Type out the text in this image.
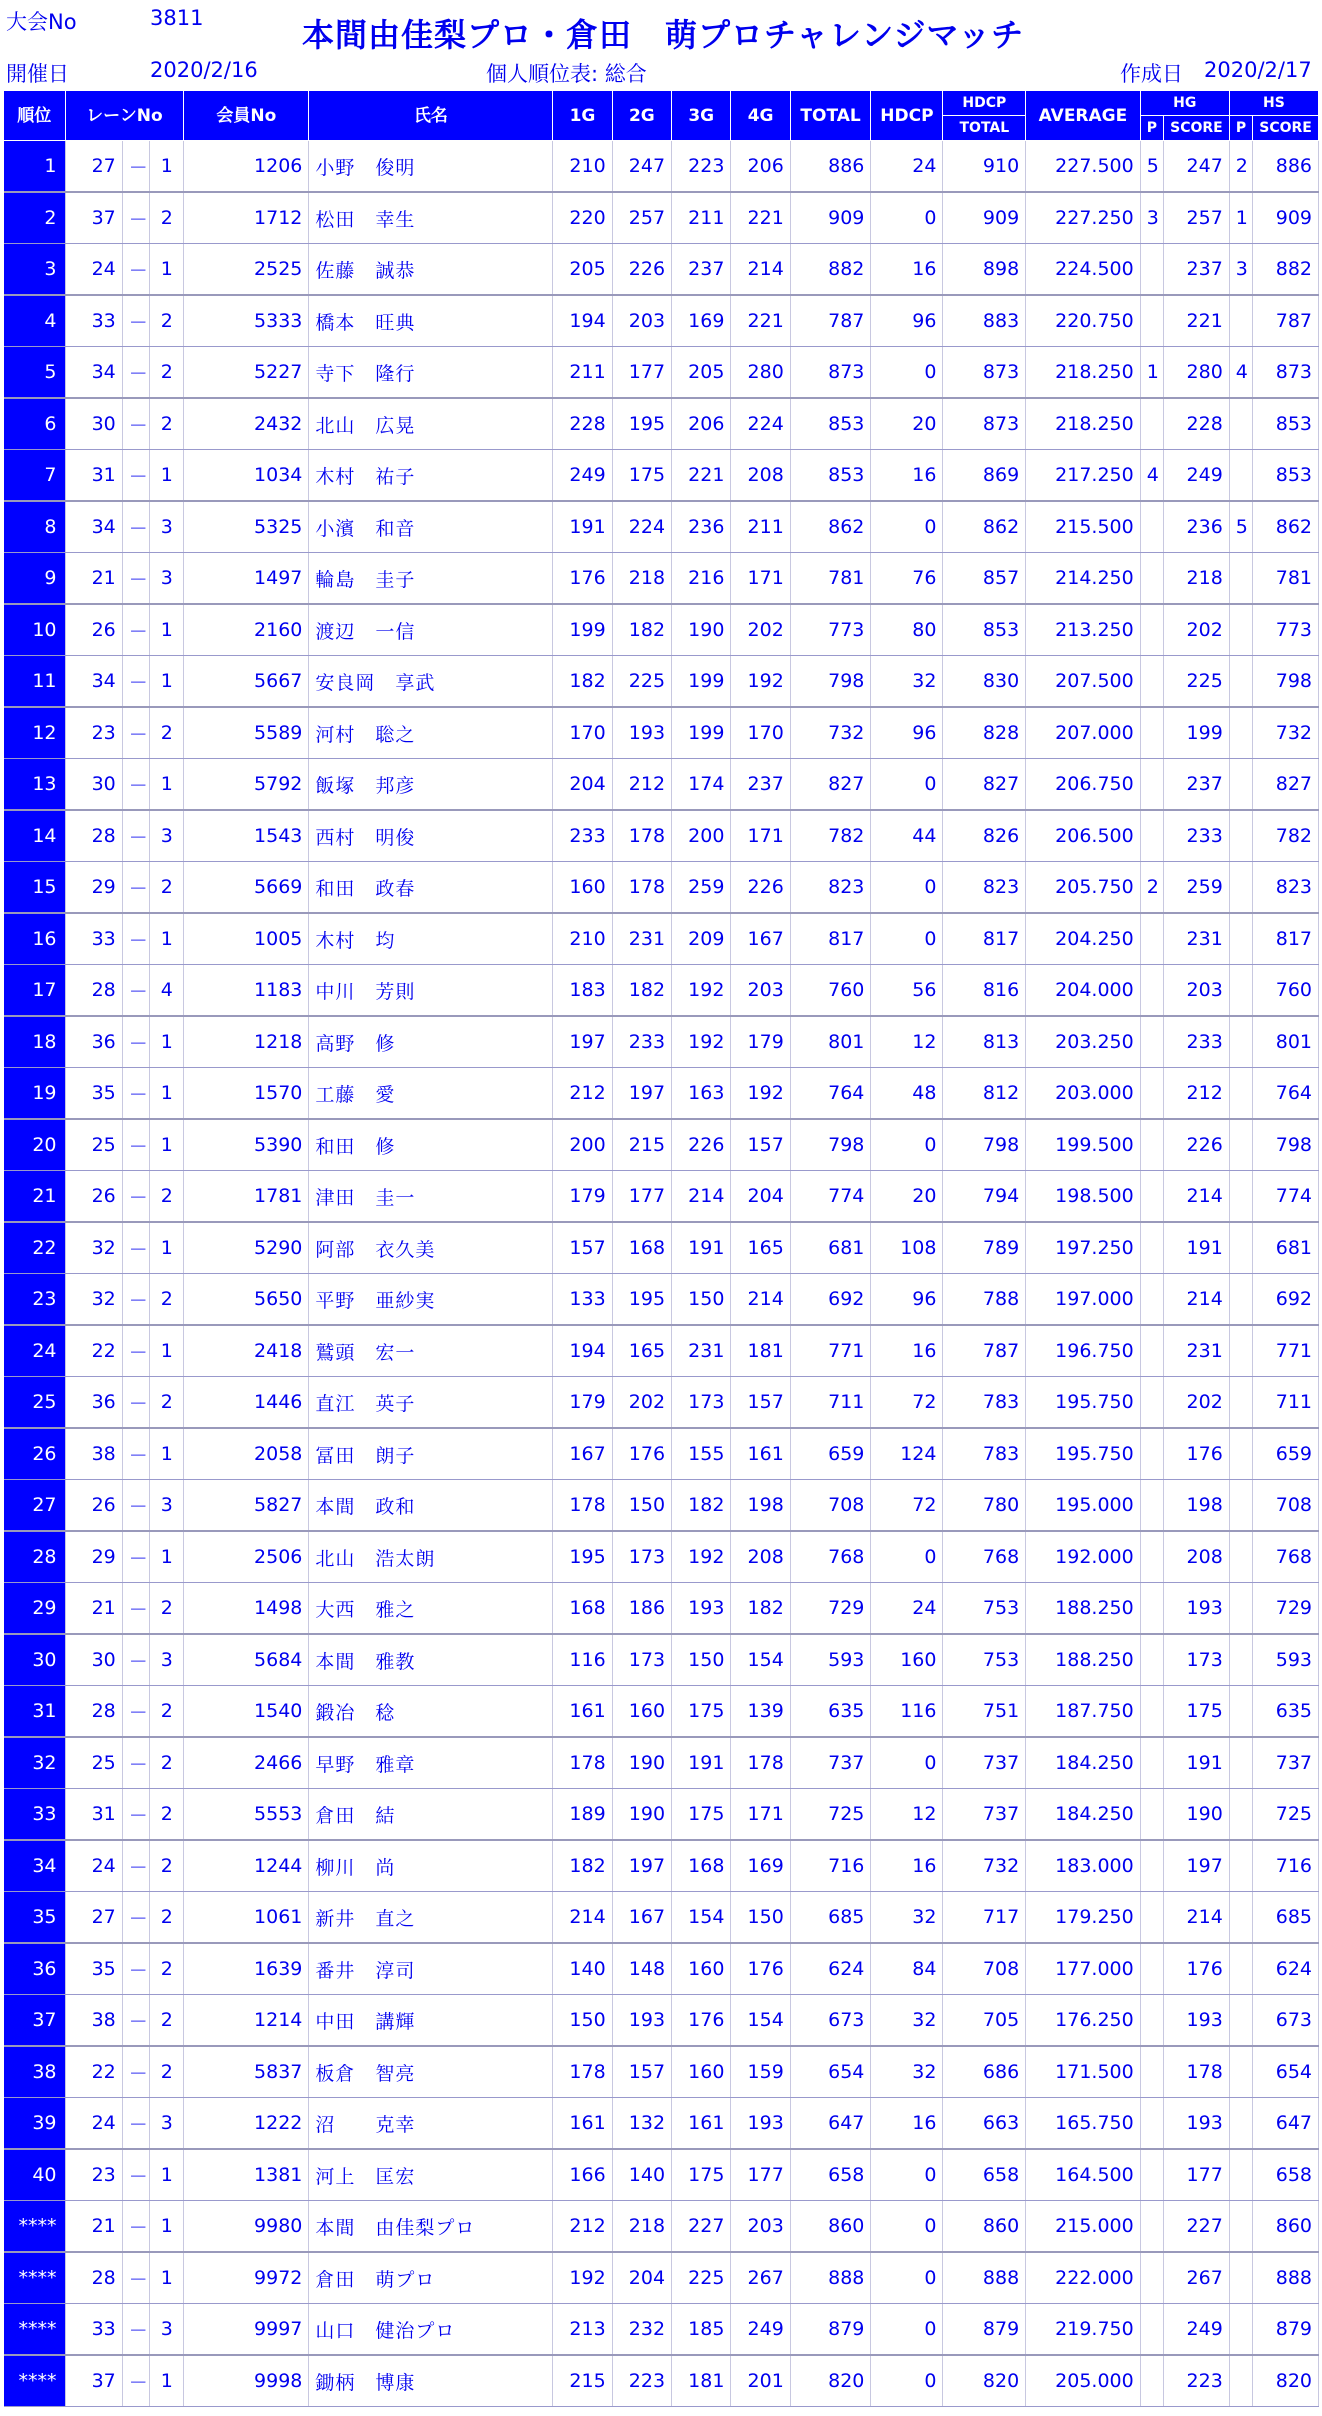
大会No	3811
開催日	2020/2/16
本間由佳梨プロ・倉田　萌プロチャレンジマッチ
個人順位表: 総合	作成日 2020/2/17
順位	レーンNo			会員No	氏名	1G	2G	3G	4G	TOTAL	HDCP	HDCP	AVERAGE	HG		HS	
												TOTAL		P	SCORE	P	SCORE
1	27	－	1	1206	小野　俊明	210	247	223	206	886	24	910	227.500	5	247	2	886
2	37	－	2	1712	松田　幸生	220	257	211	221	909	0	909	227.250	3	257	1	909
3	24	－	1	2525	佐藤　誠恭	205	226	237	214	882	16	898	224.500		237	3	882
4	33	－	2	5333	橋本　旺典	194	203	169	221	787	96	883	220.750		221		787
5	34	－	2	5227	寺下　隆行	211	177	205	280	873	0	873	218.250	1	280	4	873
6	30	－	2	2432	北山　広晃	228	195	206	224	853	20	873	218.250		228		853
7	31	－	1	1034	木村　祐子	249	175	221	208	853	16	869	217.250	4	249		853
8	34	－	3	5325	小濱　和音	191	224	236	211	862	0	862	215.500		236	5	862
9	21	－	3	1497	輪島　圭子	176	218	216	171	781	76	857	214.250		218		781
10	26	－	1	2160	渡辺　一信	199	182	190	202	773	80	853	213.250		202		773
11	34	－	1	5667	安良岡　享武	182	225	199	192	798	32	830	207.500		225		798
12	23	－	2	5589	河村　聡之	170	193	199	170	732	96	828	207.000		199		732
13	30	－	1	5792	飯塚　邦彦	204	212	174	237	827	0	827	206.750		237		827
14	28	－	3	1543	西村　明俊	233	178	200	171	782	44	826	206.500		233		782
15	29	－	2	5669	和田　政春	160	178	259	226	823	0	823	205.750	2	259		823
16	33	－	1	1005	木村　均	210	231	209	167	817	0	817	204.250		231		817
17	28	－	4	1183	中川　芳則	183	182	192	203	760	56	816	204.000		203		760
18	36	－	1	1218	高野　修	197	233	192	179	801	12	813	203.250		233		801
19	35	－	1	1570	工藤　愛	212	197	163	192	764	48	812	203.000		212		764
20	25	－	1	5390	和田　修	200	215	226	157	798	0	798	199.500		226		798
21	26	－	2	1781	津田　圭一	179	177	214	204	774	20	794	198.500		214		774
22	32	－	1	5290	阿部　衣久美	157	168	191	165	681	108	789	197.250		191		681
23	32	－	2	5650	平野　亜紗実	133	195	150	214	692	96	788	197.000		214		692
24	22	－	1	2418	鷲頭　宏一	194	165	231	181	771	16	787	196.750		231		771
25	36	－	2	1446	直江　英子	179	202	173	157	711	72	783	195.750		202		711
26	38	－	1	2058	冨田　朗子	167	176	155	161	659	124	783	195.750		176		659
27	26	－	3	5827	本間　政和	178	150	182	198	708	72	780	195.000		198		708
28	29	－	1	2506	北山　浩太朗	195	173	192	208	768	0	768	192.000		208		768
29	21	－	2	1498	大西　雅之	168	186	193	182	729	24	753	188.250		193		729
30	30	－	3	5684	本間　雅教	116	173	150	154	593	160	753	188.250		173		593
31	28	－	2	1540	鍛冶　稔	161	160	175	139	635	116	751	187.750		175		635
32	25	－	2	2466	早野　雅章	178	190	191	178	737	0	737	184.250		191		737
33	31	－	2	5553	倉田　結	189	190	175	171	725	12	737	184.250		190		725
34	24	－	2	1244	柳川　尚	182	197	168	169	716	16	732	183.000		197		716
35	27	－	2	1061	新井　直之	214	167	154	150	685	32	717	179.250		214		685
36	35	－	2	1639	番井　淳司	140	148	160	176	624	84	708	177.000		176		624
37	38	－	2	1214	中田　講輝	150	193	176	154	673	32	705	176.250		193		673
38	22	－	2	5837	板倉　智亮	178	157	160	159	654	32	686	171.500		178		654
39	24	－	3	1222	沼　　克幸	161	132	161	193	647	16	663	165.750		193		647
40	23	－	1	1381	河上　匡宏	166	140	175	177	658	0	658	164.500		177		658
****	21	－	1	9980	本間　由佳梨プロ	212	218	227	203	860	0	860	215.000		227		860
****	28	－	1	9972	倉田　萌プロ	192	204	225	267	888	0	888	222.000		267		888
****	33	－	3	9997	山口　健治プロ	213	232	185	249	879	0	879	219.750		249		879
****	37	－	1	9998	鋤柄　博康	215	223	181	201	820	0	820	205.000		223		820
